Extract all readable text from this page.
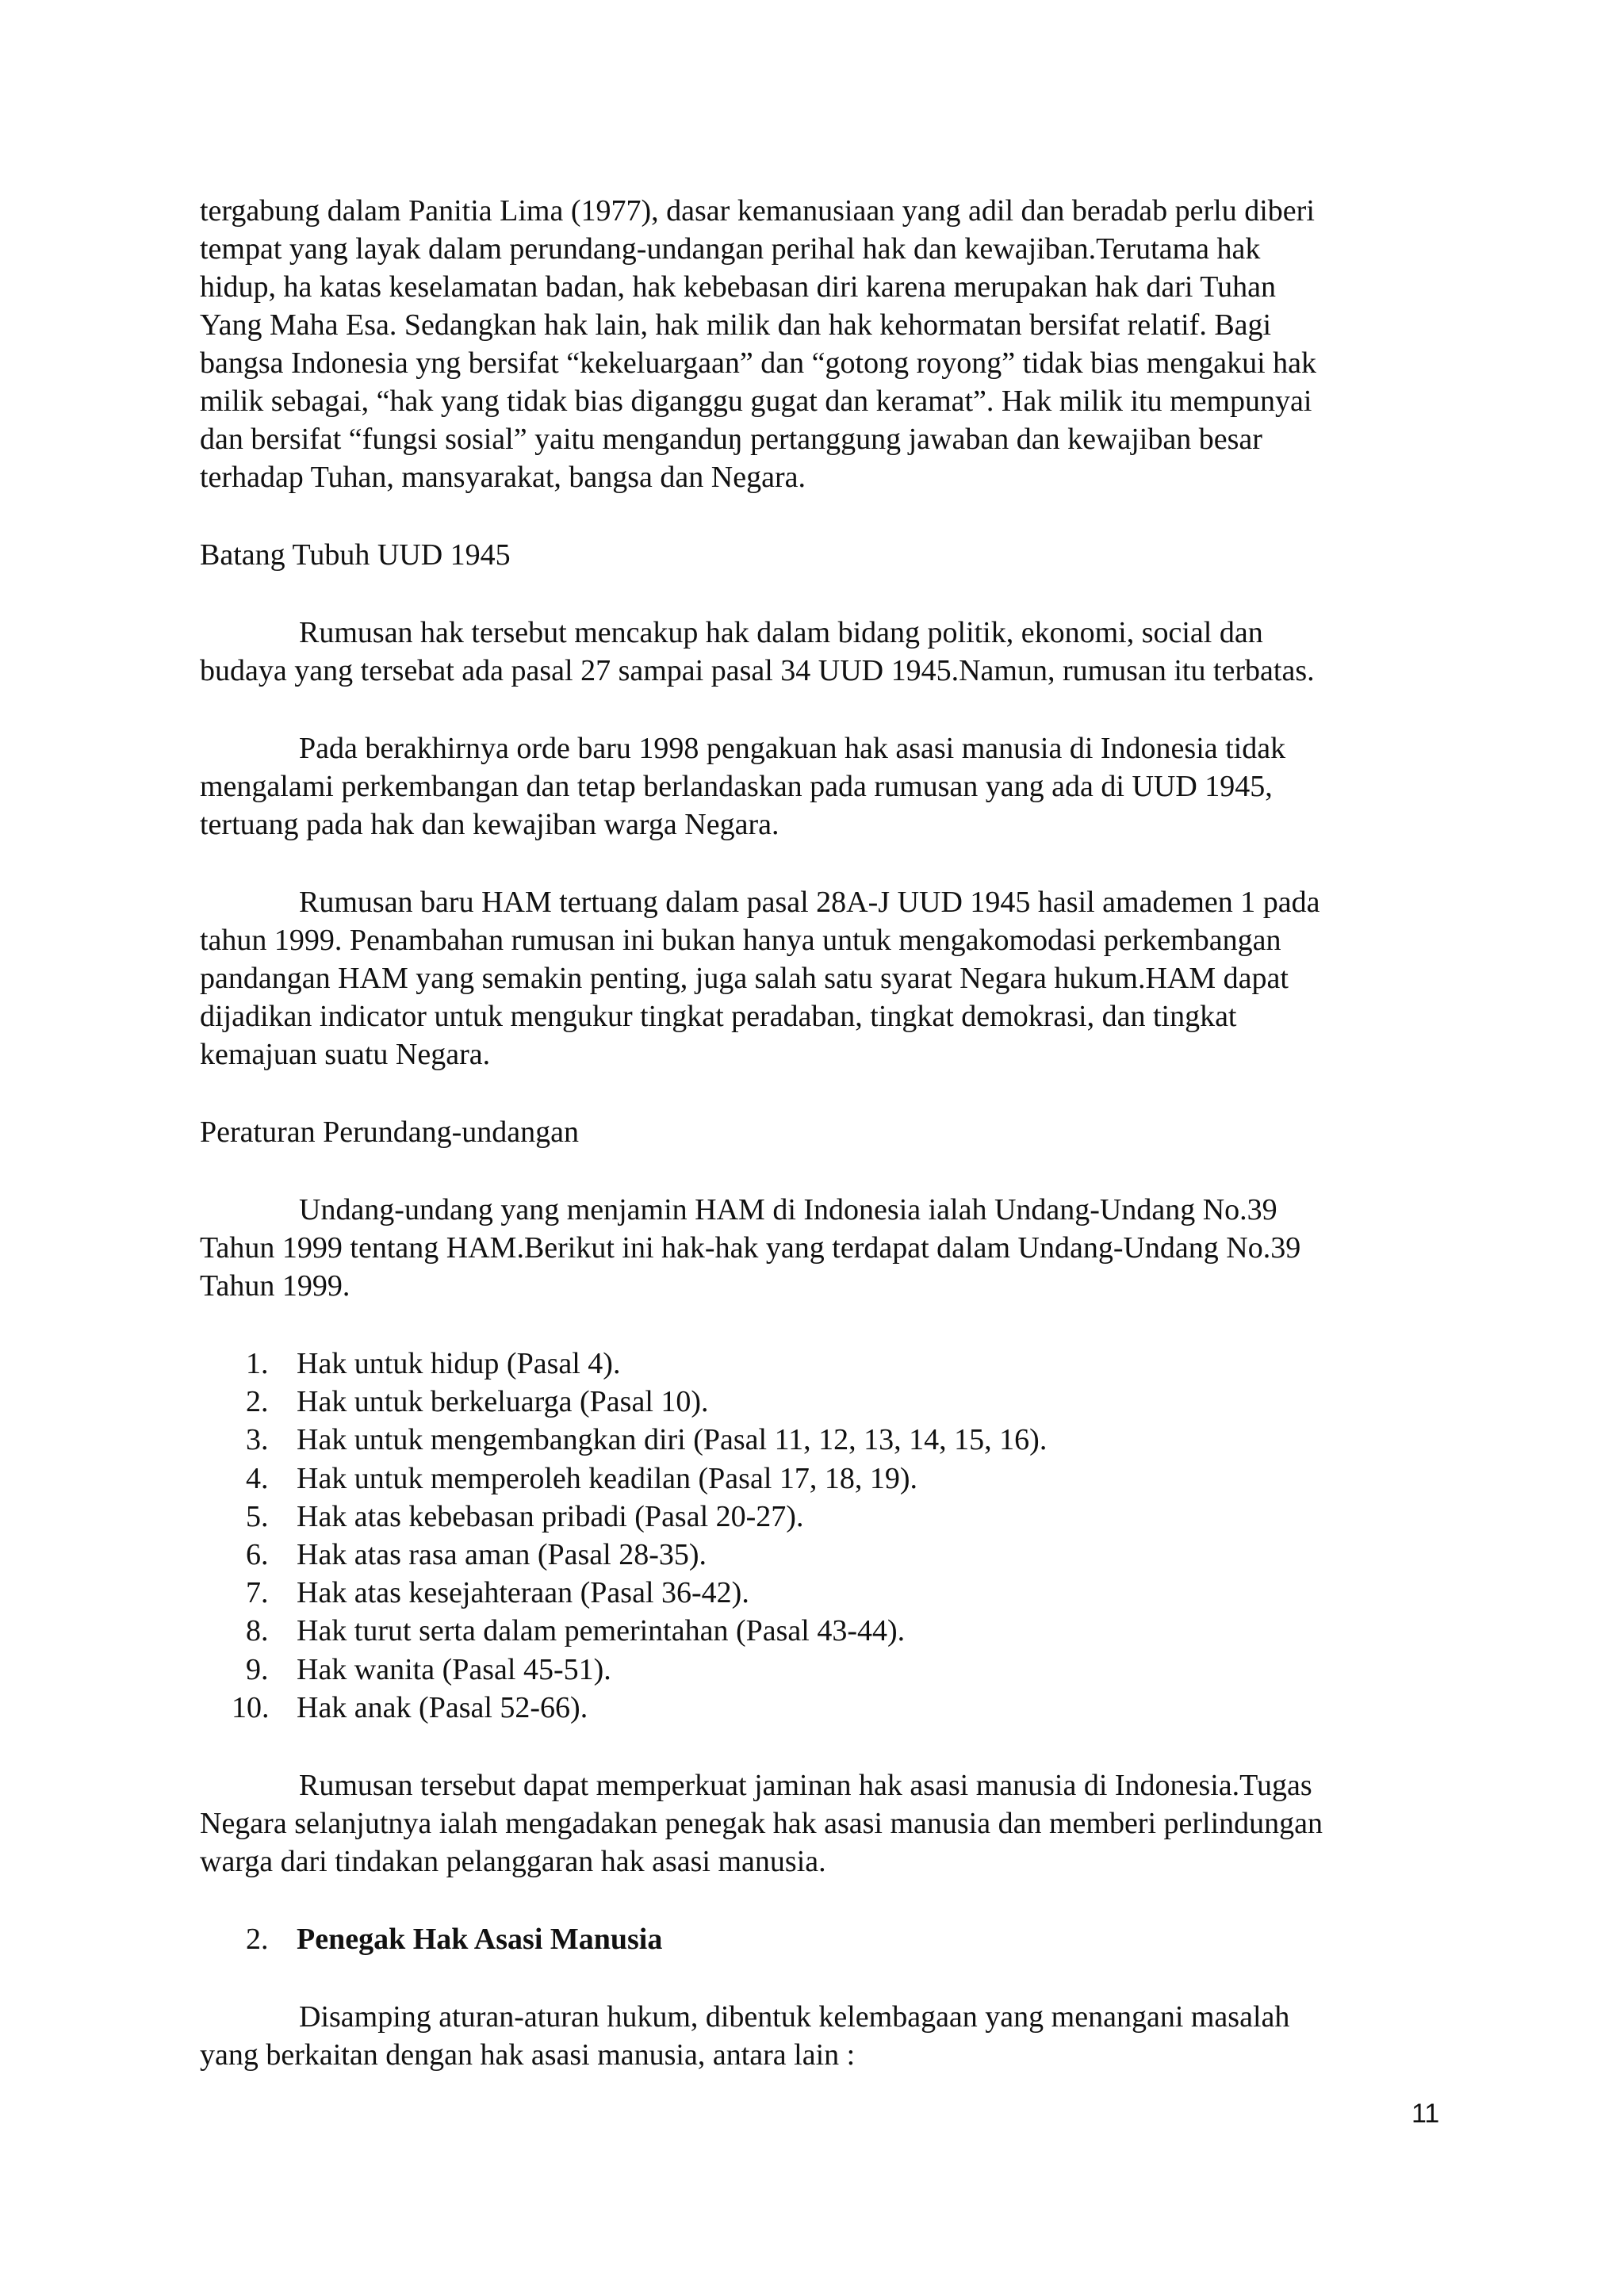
tergabung dalam Panitia Lima (1977), dasar kemanusiaan yang adil dan beradab perlu diberi
tempat yang layak dalam perundang-undangan perihal hak dan kewajiban.Terutama hak
hidup, ha katas keselamatan badan, hak kebebasan diri karena merupakan hak dari Tuhan
Yang Maha Esa. Sedangkan hak lain, hak milik dan hak kehormatan bersifat relatif. Bagi
bangsa Indonesia yng bersifat “kekeluargaan” dan “gotong royong” tidak bias mengakui hak
milik sebagai, “hak yang tidak bias diganggu gugat dan keramat”. Hak milik itu mempunyai
dan bersifat “fungsi sosial” yaitu menganduŋ pertanggung jawaban dan kewajiban besar
terhadap Tuhan, mansyarakat, bangsa dan Negara.
Batang Tubuh UUD 1945
Rumusan hak tersebut mencakup hak dalam bidang politik, ekonomi, social dan
budaya yang tersebat ada pasal 27 sampai pasal 34 UUD 1945.Namun, rumusan itu terbatas.
Pada berakhirnya orde baru 1998 pengakuan hak asasi manusia di Indonesia tidak
mengalami perkembangan dan tetap berlandaskan pada rumusan yang ada di UUD 1945,
tertuang pada hak dan kewajiban warga Negara.
Rumusan baru HAM tertuang dalam pasal 28A-J UUD 1945 hasil amademen 1 pada
tahun 1999. Penambahan rumusan ini bukan hanya untuk mengakomodasi perkembangan
pandangan HAM yang semakin penting, juga salah satu syarat Negara hukum.HAM dapat
dijadikan indicator untuk mengukur tingkat peradaban, tingkat demokrasi, dan tingkat
kemajuan suatu Negara.
Peraturan Perundang-undangan
Undang-undang yang menjamin HAM di Indonesia ialah Undang-Undang No.39
Tahun 1999 tentang HAM.Berikut ini hak-hak yang terdapat dalam Undang-Undang No.39
Tahun 1999.
1. Hak untuk hidup (Pasal 4).
2. Hak untuk berkeluarga (Pasal 10).
3. Hak untuk mengembangkan diri (Pasal 11, 12, 13, 14, 15, 16).
4. Hak untuk memperoleh keadilan (Pasal 17, 18, 19).
5. Hak atas kebebasan pribadi (Pasal 20-27).
6. Hak atas rasa aman (Pasal 28-35).
7. Hak atas kesejahteraan (Pasal 36-42).
8. Hak turut serta dalam pemerintahan (Pasal 43-44).
9. Hak wanita (Pasal 45-51).
10. Hak anak (Pasal 52-66).
Rumusan tersebut dapat memperkuat jaminan hak asasi manusia di Indonesia.Tugas
Negara selanjutnya ialah mengadakan penegak hak asasi manusia dan memberi perlindungan
warga dari tindakan pelanggaran hak asasi manusia.
2. Penegak Hak Asasi Manusia
Disamping aturan-aturan hukum, dibentuk kelembagaan yang menangani masalah
yang berkaitan dengan hak asasi manusia, antara lain :
11
